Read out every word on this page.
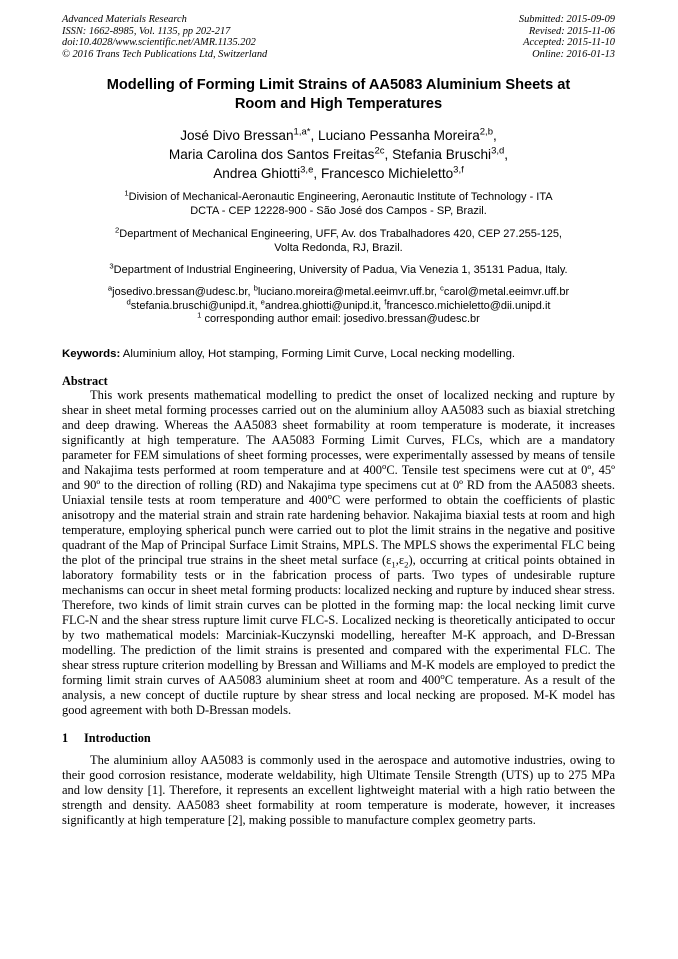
Advanced Materials Research
ISSN: 1662-8985, Vol. 1135, pp 202-217
doi:10.4028/www.scientific.net/AMR.1135.202
© 2016 Trans Tech Publications Ltd, Switzerland
Submitted: 2015-09-09
Revised: 2015-11-06
Accepted: 2015-11-10
Online: 2016-01-13
Modelling of Forming Limit Strains of AA5083 Aluminium Sheets at
Room and High Temperatures
José Divo Bressan$^{1,a*}$, Luciano Pessanha Moreira$^{2,b}$,
Maria Carolina dos Santos Freitas$^{2c}$, Stefania Bruschi$^{3,d}$,
Andrea Ghiotti$^{3,e}$, Francesco Michieletto$^{3,f}$
$^1$Division of Mechanical-Aeronautic Engineering, Aeronautic Institute of Technology - ITA
DCTA - CEP 12228-900 - São José dos Campos - SP, Brazil.
$^2$Department of Mechanical Engineering, UFF, Av. dos Trabalhadores 420, CEP 27.255-125,
Volta Redonda, RJ, Brazil.
$^3$Department of Industrial Engineering, University of Padua, Via Venezia 1, 35131 Padua, Italy.
$^a$josedivo.bressan@udesc.br, $^b$luciano.moreira@metal.eeimvr.uff.br, $^c$carol@metal.eeimvr.uff.br
$^d$stefania.bruschi@unipd.it, $^e$andrea.ghiotti@unipd.it, $^f$francesco.michieletto@dii.unipd.it
$^1$ corresponding author email: josedivo.bressan@udesc.br
Keywords: Aluminium alloy, Hot stamping, Forming Limit Curve, Local necking modelling.
Abstract

This work presents mathematical modelling to predict the onset of localized necking and rupture by shear in sheet metal forming processes carried out on the aluminium alloy AA5083 such as biaxial stretching and deep drawing. Whereas the AA5083 sheet formability at room temperature is moderate, it increases significantly at high temperature. The AA5083 Forming Limit Curves, FLCs, which are a mandatory parameter for FEM simulations of sheet forming processes, were experimentally assessed by means of tensile and Nakajima tests performed at room temperature and at 400$^o$C. Tensile test specimens were cut at 0º, 45º and 90º to the direction of rolling (RD) and Nakajima type specimens cut at 0º RD from the AA5083 sheets. Uniaxial tensile tests at room temperature and 400$^o$C were performed to obtain the coefficients of plastic anisotropy and the material strain and strain rate hardening behavior. Nakajima biaxial tests at room and high temperature, employing spherical punch were carried out to plot the limit strains in the negative and positive quadrant of the Map of Principal Surface Limit Strains, MPLS. The MPLS shows the experimental FLC being the plot of the principal true strains in the sheet metal surface $(\varepsilon_1,\varepsilon_2)$, occurring at critical points obtained in laboratory formability tests or in the fabrication process of parts. Two types of undesirable rupture mechanisms can occur in sheet metal forming products: localized necking and rupture by induced shear stress. Therefore, two kinds of limit strain curves can be plotted in the forming map: the local necking limit curve FLC-N and the shear stress rupture limit curve FLC-S. Localized necking is theoretically anticipated to occur by two mathematical models: Marciniak-Kuczynski modelling, hereafter M-K approach, and D-Bressan modelling. The prediction of the limit strains is presented and compared with the experimental FLC. The shear stress rupture criterion modelling by Bressan and Williams and M-K models are employed to predict the forming limit strain curves of AA5083 aluminium sheet at room and 400$^o$C temperature. As a result of the analysis, a new concept of ductile rupture by shear stress and local necking are proposed. M-K model has good agreement with both D-Bressan models.

1 Introduction

The aluminium alloy AA5083 is commonly used in the aerospace and automotive industries, owing to their good corrosion resistance, moderate weldability, high Ultimate Tensile Strength (UTS) up to 275 MPa and low density [1]. Therefore, it represents an excellent lightweight material with a high ratio between the strength and density. AA5083 sheet formability at room temperature is moderate, however, it increases significantly at high temperature [2], making possible to manufacture complex geometry parts.
